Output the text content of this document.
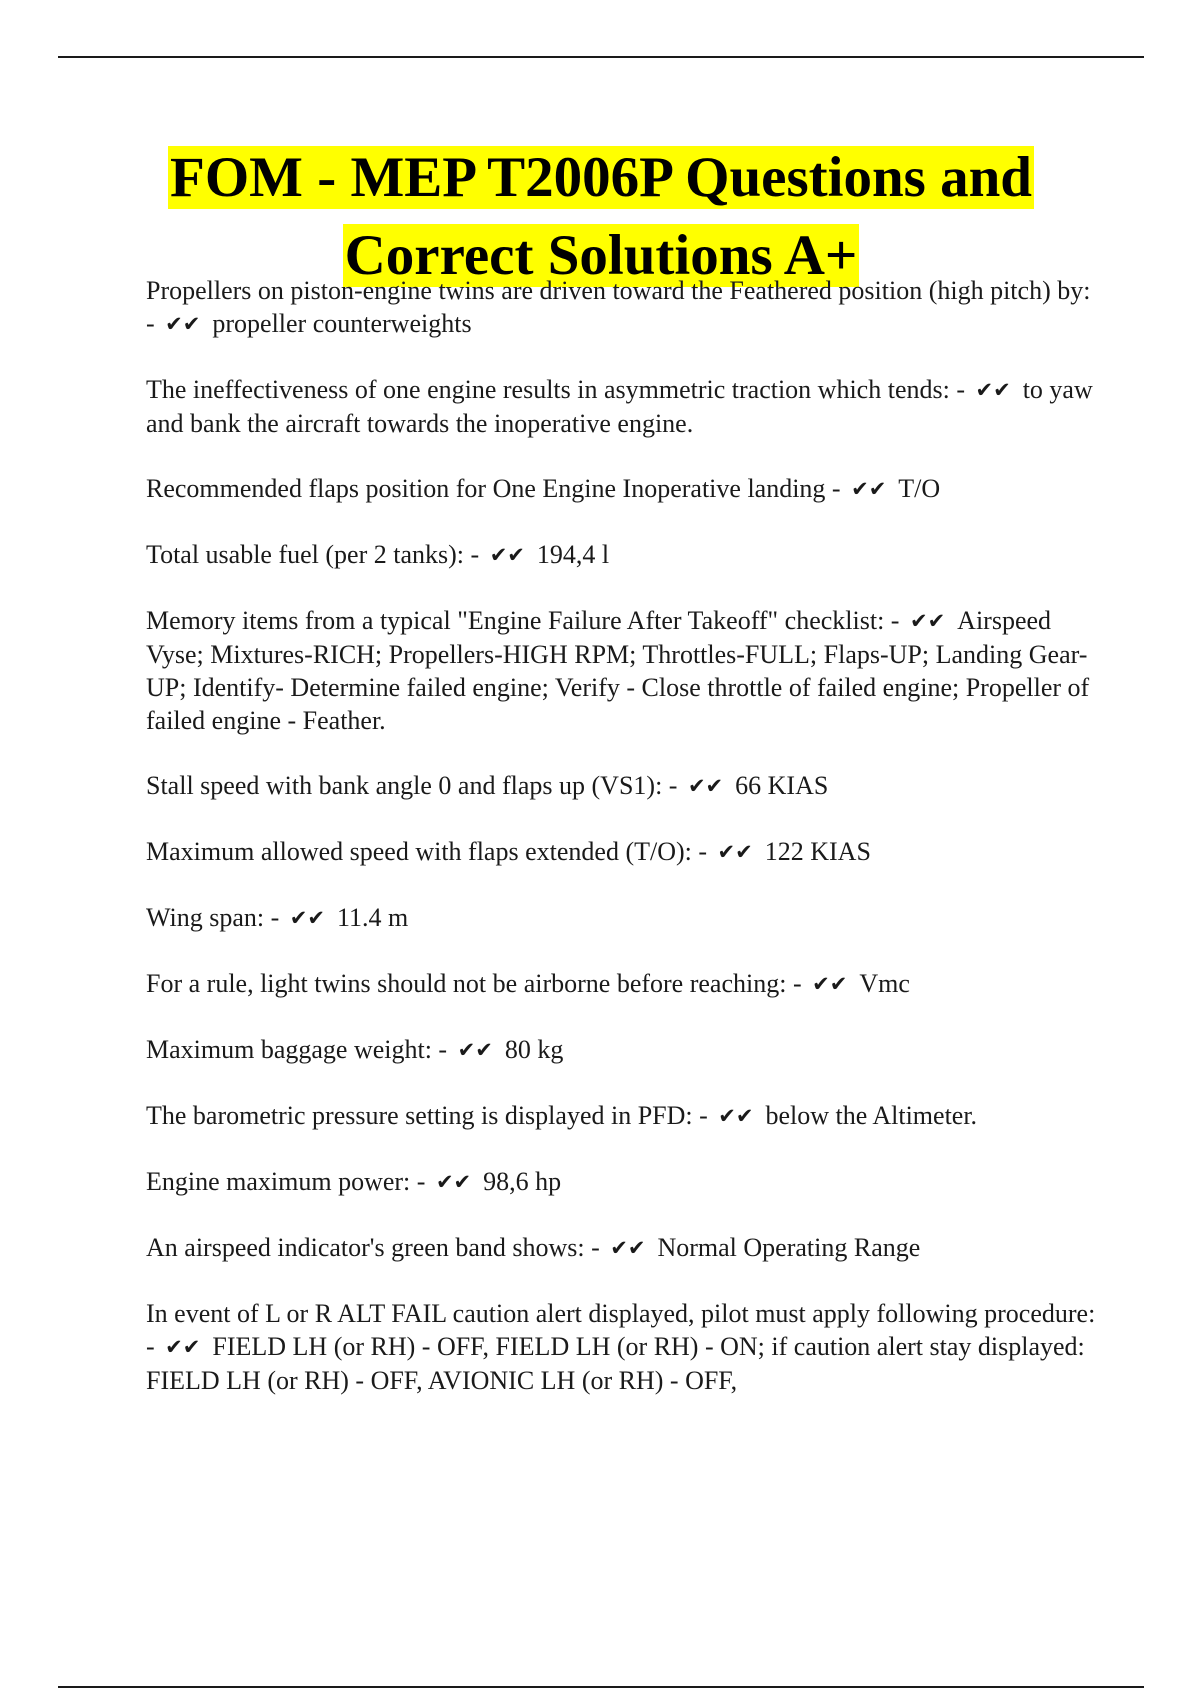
FOM - MEP T2006P Questions and
Correct Solutions A+
Propellers on piston-engine twins are driven toward the Feathered position (high pitch) by: - ✔✔ propeller counterweights
The ineffectiveness of one engine results in asymmetric traction which tends: - ✔✔ to yaw and bank the aircraft towards the inoperative engine.
Recommended flaps position for One Engine Inoperative landing - ✔✔ T/O
Total usable fuel (per 2 tanks): - ✔✔ 194,4 l
Memory items from a typical "Engine Failure After Takeoff" checklist: - ✔✔ Airspeed Vyse; Mixtures-RICH; Propellers-HIGH RPM; Throttles-FULL; Flaps-UP; Landing Gear-UP; Identify- Determine failed engine; Verify - Close throttle of failed engine; Propeller of failed engine - Feather.
Stall speed with bank angle 0 and flaps up (VS1): - ✔✔ 66 KIAS
Maximum allowed speed with flaps extended (T/O): - ✔✔ 122 KIAS
Wing span: - ✔✔ 11.4 m
For a rule, light twins should not be airborne before reaching: - ✔✔ Vmc
Maximum baggage weight: - ✔✔ 80 kg
The barometric pressure setting is displayed in PFD: - ✔✔ below the Altimeter.
Engine maximum power: - ✔✔ 98,6 hp
An airspeed indicator's green band shows: - ✔✔ Normal Operating Range
In event of L or R ALT FAIL caution alert displayed, pilot must apply following procedure: - ✔✔ FIELD LH (or RH) - OFF, FIELD LH (or RH) - ON; if caution alert stay displayed: FIELD LH (or RH) - OFF, AVIONIC LH (or RH) - OFF,
